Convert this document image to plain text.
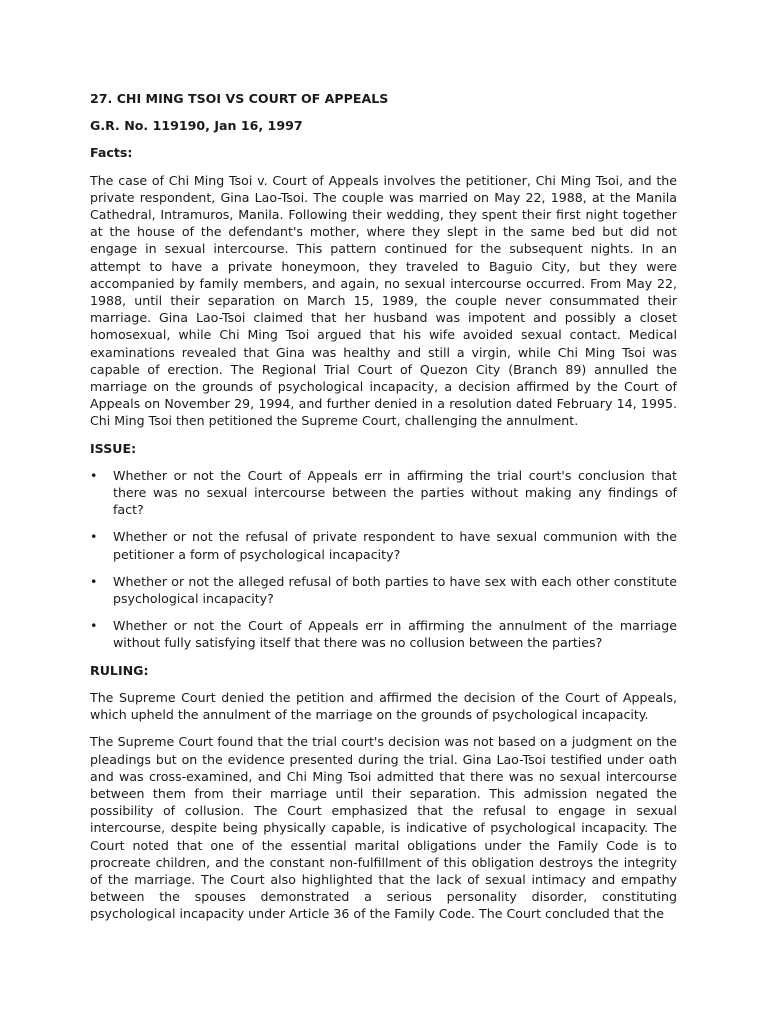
27. CHI MING TSOI VS COURT OF APPEALS
G.R. No. 119190, Jan 16, 1997
Facts:
The case of Chi Ming Tsoi v. Court of Appeals involves the petitioner, Chi Ming Tsoi, and the private respondent, Gina Lao-Tsoi. The couple was married on May 22, 1988, at the Manila Cathedral, Intramuros, Manila. Following their wedding, they spent their first night together at the house of the defendant's mother, where they slept in the same bed but did not engage in sexual intercourse. This pattern continued for the subsequent nights. In an attempt to have a private honeymoon, they traveled to Baguio City, but they were accompanied by family members, and again, no sexual intercourse occurred. From May 22, 1988, until their separation on March 15, 1989, the couple never consummated their marriage. Gina Lao-Tsoi claimed that her husband was impotent and possibly a closet homosexual, while Chi Ming Tsoi argued that his wife avoided sexual contact. Medical examinations revealed that Gina was healthy and still a virgin, while Chi Ming Tsoi was capable of erection. The Regional Trial Court of Quezon City (Branch 89) annulled the marriage on the grounds of psychological incapacity, a decision affirmed by the Court of Appeals on November 29, 1994, and further denied in a resolution dated February 14, 1995. Chi Ming Tsoi then petitioned the Supreme Court, challenging the annulment.
ISSUE:
• Whether or not the Court of Appeals err in affirming the trial court's conclusion that there was no sexual intercourse between the parties without making any findings of fact?
• Whether or not the refusal of private respondent to have sexual communion with the petitioner a form of psychological incapacity?
• Whether or not the alleged refusal of both parties to have sex with each other constitute psychological incapacity?
• Whether or not the Court of Appeals err in affirming the annulment of the marriage without fully satisfying itself that there was no collusion between the parties?
RULING:
The Supreme Court denied the petition and affirmed the decision of the Court of Appeals, which upheld the annulment of the marriage on the grounds of psychological incapacity.
The Supreme Court found that the trial court's decision was not based on a judgment on the pleadings but on the evidence presented during the trial. Gina Lao-Tsoi testified under oath and was cross-examined, and Chi Ming Tsoi admitted that there was no sexual intercourse between them from their marriage until their separation. This admission negated the possibility of collusion. The Court emphasized that the refusal to engage in sexual intercourse, despite being physically capable, is indicative of psychological incapacity. The Court noted that one of the essential marital obligations under the Family Code is to procreate children, and the constant non-fulfillment of this obligation destroys the integrity of the marriage. The Court also highlighted that the lack of sexual intimacy and empathy between the spouses demonstrated a serious personality disorder, constituting psychological incapacity under Article 36 of the Family Code. The Court concluded that the
